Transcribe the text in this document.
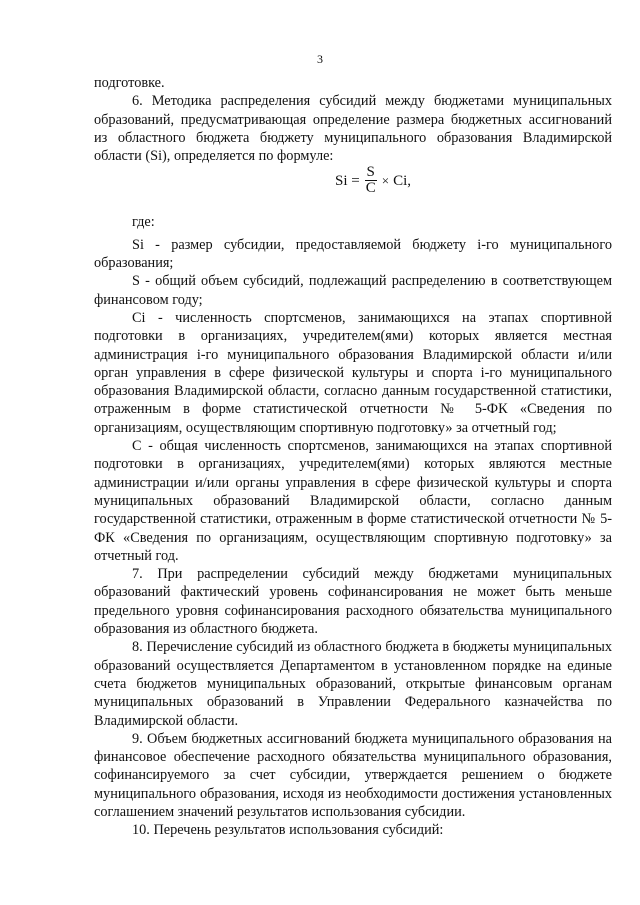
3

подготовке.

6. Методика распределения субсидий между бюджетами муниципальных образований, предусматривающая определение размера бюджетных ассигнований из областного бюджета бюджету муниципального образования Владимирской области (Si), определяется по формуле:

$Si = \frac{S}{C} \times Ci$,

где:

Si - размер субсидии, предоставляемой бюджету i-го муниципального образования;

S - общий объем субсидий, подлежащий распределению в соответствующем финансовом году;

Ci - численность спортсменов, занимающихся на этапах спортивной подготовки в организациях, учредителем(ями) которых является местная администрация i-го муниципального образования Владимирской области и/или орган управления в сфере физической культуры и спорта i-го муниципального образования Владимирской области, согласно данным государственной статистики, отраженным в форме статистической отчетности № 5-ФК «Сведения по организациям, осуществляющим спортивную подготовку» за отчетный год;

C - общая численность спортсменов, занимающихся на этапах спортивной подготовки в организациях, учредителем(ями) которых являются местные администрации и/или органы управления в сфере физической культуры и спорта муниципальных образований Владимирской области, согласно данным государственной статистики, отраженным в форме статистической отчетности № 5-ФК «Сведения по организациям, осуществляющим спортивную подготовку» за отчетный год.

7. При распределении субсидий между бюджетами муниципальных образований фактический уровень софинансирования не может быть меньше предельного уровня софинансирования расходного обязательства муниципального образования из областного бюджета.

8. Перечисление субсидий из областного бюджета в бюджеты муниципальных образований осуществляется Департаментом в установленном порядке на единые счета бюджетов муниципальных образований, открытые финансовым органам муниципальных образований в Управлении Федерального казначейства по Владимирской области.

9. Объем бюджетных ассигнований бюджета муниципального образования на финансовое обеспечение расходного обязательства муниципального образования, софинансируемого за счет субсидии, утверждается решением о бюджете муниципального образования, исходя из необходимости достижения установленных соглашением значений результатов использования субсидии.

10. Перечень результатов использования субсидий:
